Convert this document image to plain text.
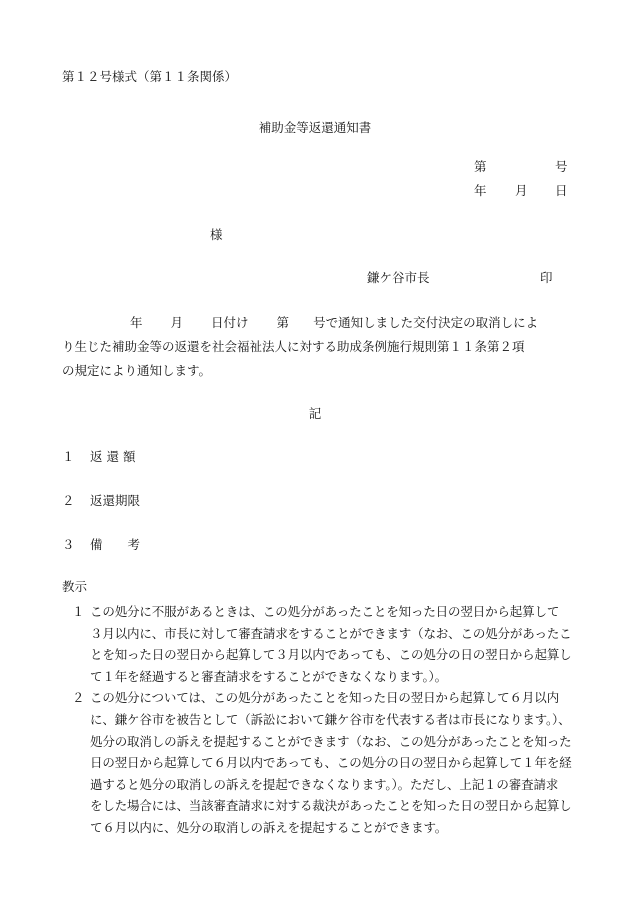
第１２号様式（第１１条関係）
補助金等返還通知書
第	号
年 月 日
様
鎌ケ谷市長	印
年 月 日付け 第 号で通知しました交付決定の取消しによ
り生じた補助金等の返還を社会福祉法人に対する助成条例施行規則第１１条第２項
の規定により通知します。
記
１ 返 還 額
２ 返還期限
３ 備　　考
教示
１ この処分に不服があるときは、この処分があったことを知った日の翌日から起算して
３月以内に、市長に対して審査請求をすることができます（なお、この処分があったこ
とを知った日の翌日から起算して３月以内であっても、この処分の日の翌日から起算し
て１年を経過すると審査請求をすることができなくなります。）。
２ この処分については、この処分があったことを知った日の翌日から起算して６月以内
に、鎌ケ谷市を被告として（訴訟において鎌ケ谷市を代表する者は市長になります。）、
処分の取消しの訴えを提起することができます（なお、この処分があったことを知った
日の翌日から起算して６月以内であっても、この処分の日の翌日から起算して１年を経
過すると処分の取消しの訴えを提起できなくなります。）。ただし、上記１の審査請求
をした場合には、当該審査請求に対する裁決があったことを知った日の翌日から起算し
て６月以内に、処分の取消しの訴えを提起することができます。
